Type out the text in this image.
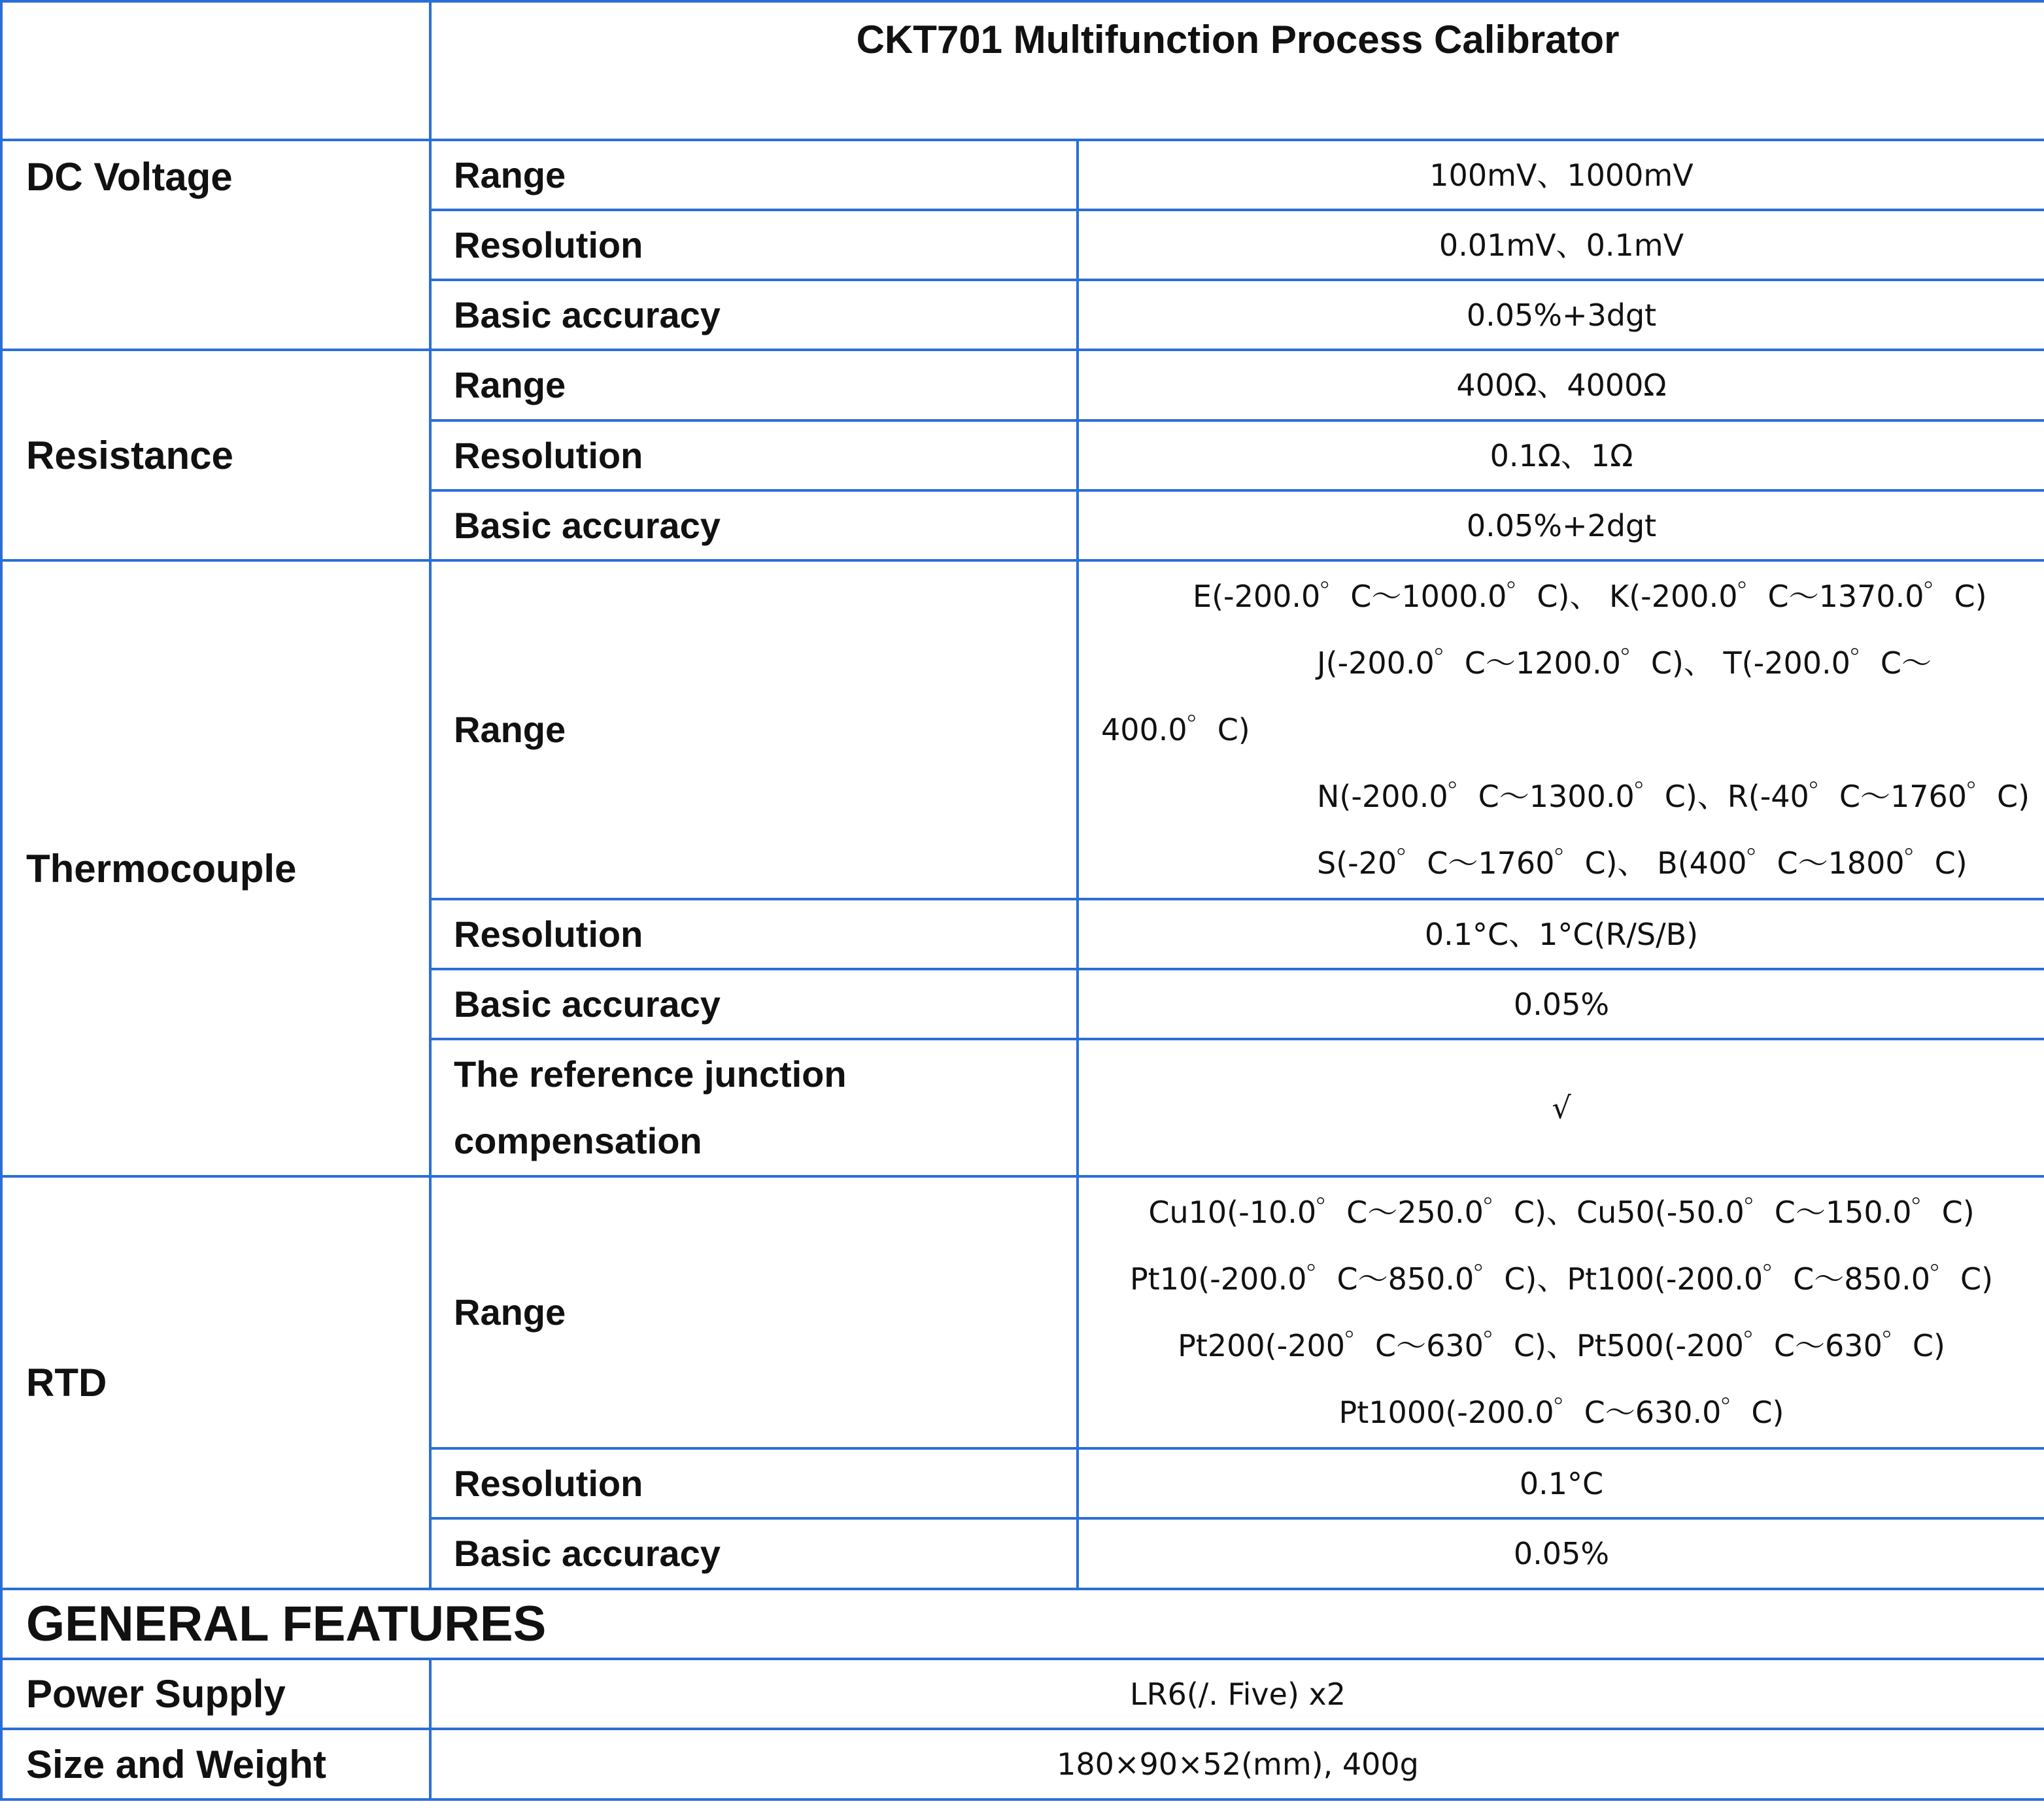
	CKT701 Multifunction Process Calibrator	
DC Voltage	Range	100mV、1000mV
	Resolution	0.01mV、0.1mV
	Basic accuracy	0.05%+3dgt
Resistance	Range	400Ω、4000Ω
	Resolution	0.1Ω、1Ω
	Basic accuracy	0.05%+2dgt
Thermocouple	Range	E(-200.0゜C～1000.0゜C)、 K(-200.0゜C～1370.0゜C)
J(-200.0゜C～1200.0゜C)、 T(-200.0゜C～
400.0゜C)
N(-200.0゜C～1300.0゜C)、R(-40゜C～1760゜C)
S(-20゜C～1760゜C)、 B(400゜C～1800゜C)

	Resolution	0.1°C、1°C(R/S/B)
	Basic accuracy	0.05%
	The reference junction compensation	√
RTD	Range	Cu10(-10.0゜C～250.0゜C)、Cu50(-50.0゜C～150.0゜C)
Pt10(-200.0゜C～850.0゜C)、Pt100(-200.0゜C～850.0゜C)
Pt200(-200゜C～630゜C)、Pt500(-200゜C～630゜C)
Pt1000(-200.0゜C～630.0゜C)

	Resolution	0.1°C
	Basic accuracy	0.05%
GENERAL FEATURES		
Power Supply	LR6(/. Five) x2	
Size and Weight	180×90×52(mm), 400g	
